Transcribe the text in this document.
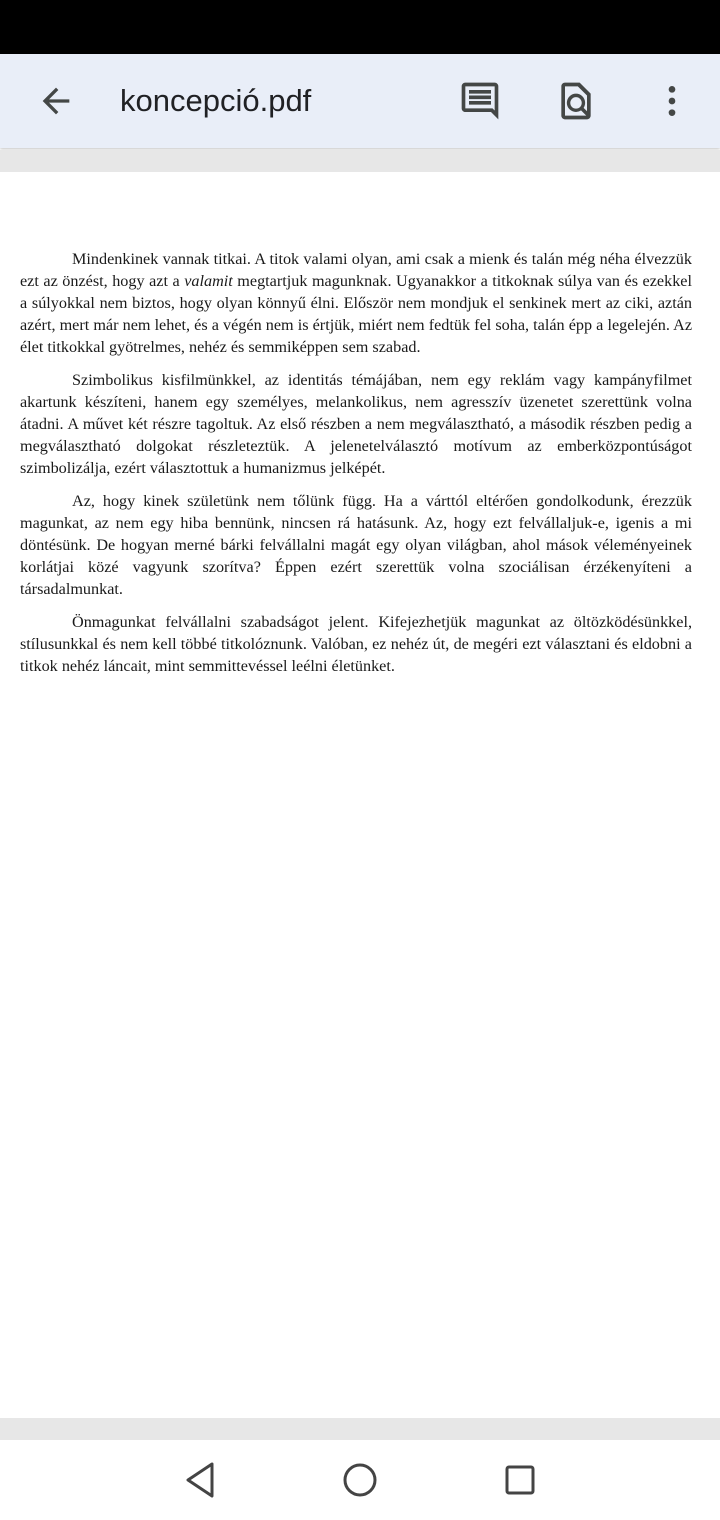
koncepció.pdf

Mindenkinek vannak titkai. A titok valami olyan, ami csak a mienk és talán még néha élvezzük ezt az önzést, hogy azt a valamit megtartjuk magunknak. Ugyanakkor a titkoknak súlya van és ezekkel a súlyokkal nem biztos, hogy olyan könnyű élni. Először nem mondjuk el senkinek mert az ciki, aztán azért, mert már nem lehet, és a végén nem is értjük, miért nem fedtük fel soha, talán épp a legelején. Az élet titkokkal gyötrelmes, nehéz és semmiképpen sem szabad.

Szimbolikus kisfilmünkkel, az identitás témájában, nem egy reklám vagy kampányfilmet akartunk készíteni, hanem egy személyes, melankolikus, nem agresszív üzenetet szerettünk volna átadni. A művet két részre tagoltuk. Az első részben a nem megválasztható, a második részben pedig a megválasztható dolgokat részleteztük. A jelenetelválasztó motívum az emberközpontúságot szimbolizálja, ezért választottuk a humanizmus jelképét.

Az, hogy kinek születünk nem tőlünk függ. Ha a várttól eltérően gondolkodunk, érezzük magunkat, az nem egy hiba bennünk, nincsen rá hatásunk. Az, hogy ezt felvállaljuk-e, igenis a mi döntésünk. De hogyan merné bárki felvállalni magát egy olyan világban, ahol mások véleményeinek korlátjai közé vagyunk szorítva? Éppen ezért szerettük volna szociálisan érzékenyíteni a társadalmunkat.

Önmagunkat felvállalni szabadságot jelent. Kifejezhetjük magunkat az öltözködésünkkel, stílusunkkal és nem kell többé titkolóznunk. Valóban, ez nehéz út, de megéri ezt választani és eldobni a titkok nehéz láncait, mint semmittevéssel leélni életünket.
